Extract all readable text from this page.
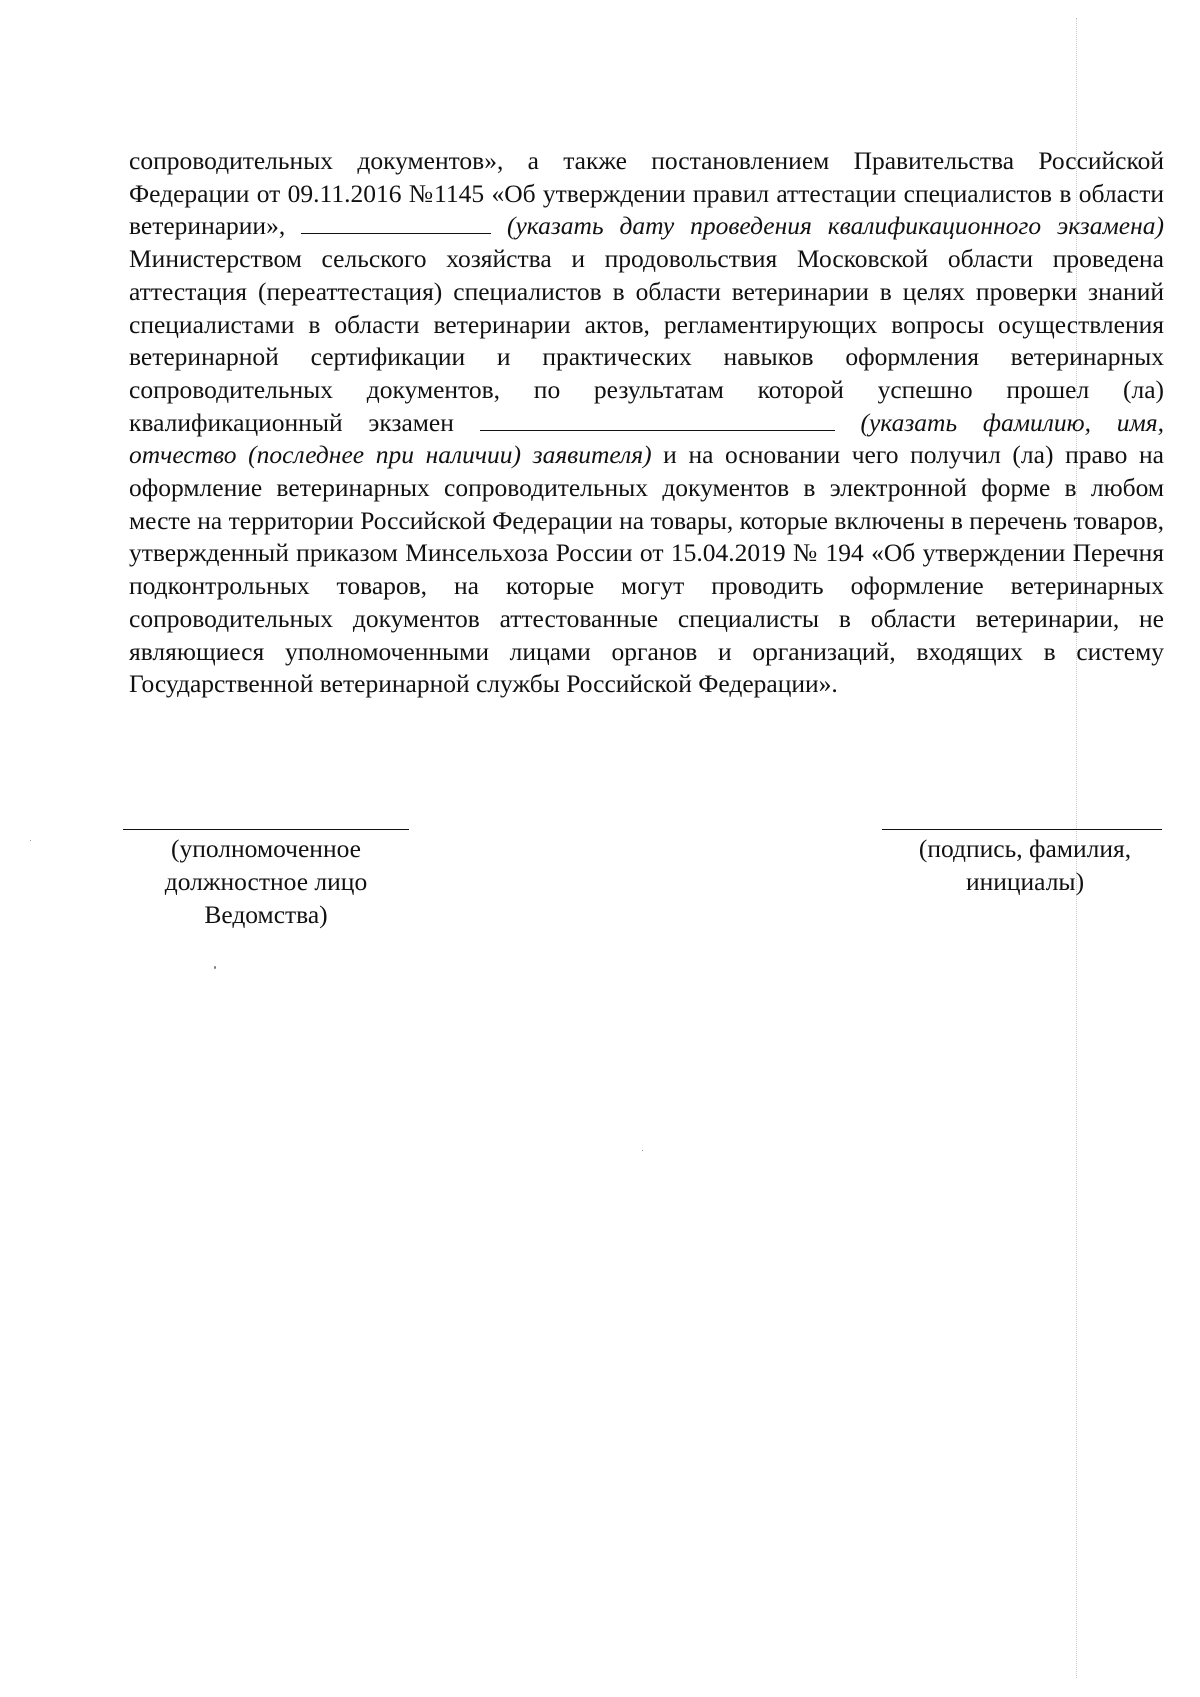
сопроводительных документов», а также постановлением Правительства Российской Федерации от 09.11.2016 №1145 «Об утверждении правил аттестации специалистов в области ветеринарии»,	(указать дату проведения квалификационного экзамена) Министерством сельского хозяйства и продовольствия Московской области проведена аттестация (переаттестация) специалистов в области ветеринарии в целях проверки знаний специалистами в области ветеринарии актов, регламентирующих вопросы осуществления ветеринарной сертификации и практических навыков оформления ветеринарных сопроводительных документов, по результатам которой успешно прошел (ла) квалификационный экзамен	(указать фамилию, имя, отчество (последнее при наличии) заявителя) и на основании чего получил (ла) право на оформление ветеринарных сопроводительных документов в электронной форме в любом месте на территории Российской Федерации на товары, которые включены в перечень товаров, утвержденный приказом Минсельхоза России от 15.04.2019 № 194 «Об утверждении Перечня подконтрольных товаров, на которые могут проводить оформление ветеринарных сопроводительных документов аттестованные специалисты в области ветеринарии, не являющиеся уполномоченными лицами органов и организаций, входящих в систему Государственной ветеринарной службы Российской Федерации».

(уполномоченное
должностное лицо
Ведомства)
(подпись, фамилия,
инициалы)
